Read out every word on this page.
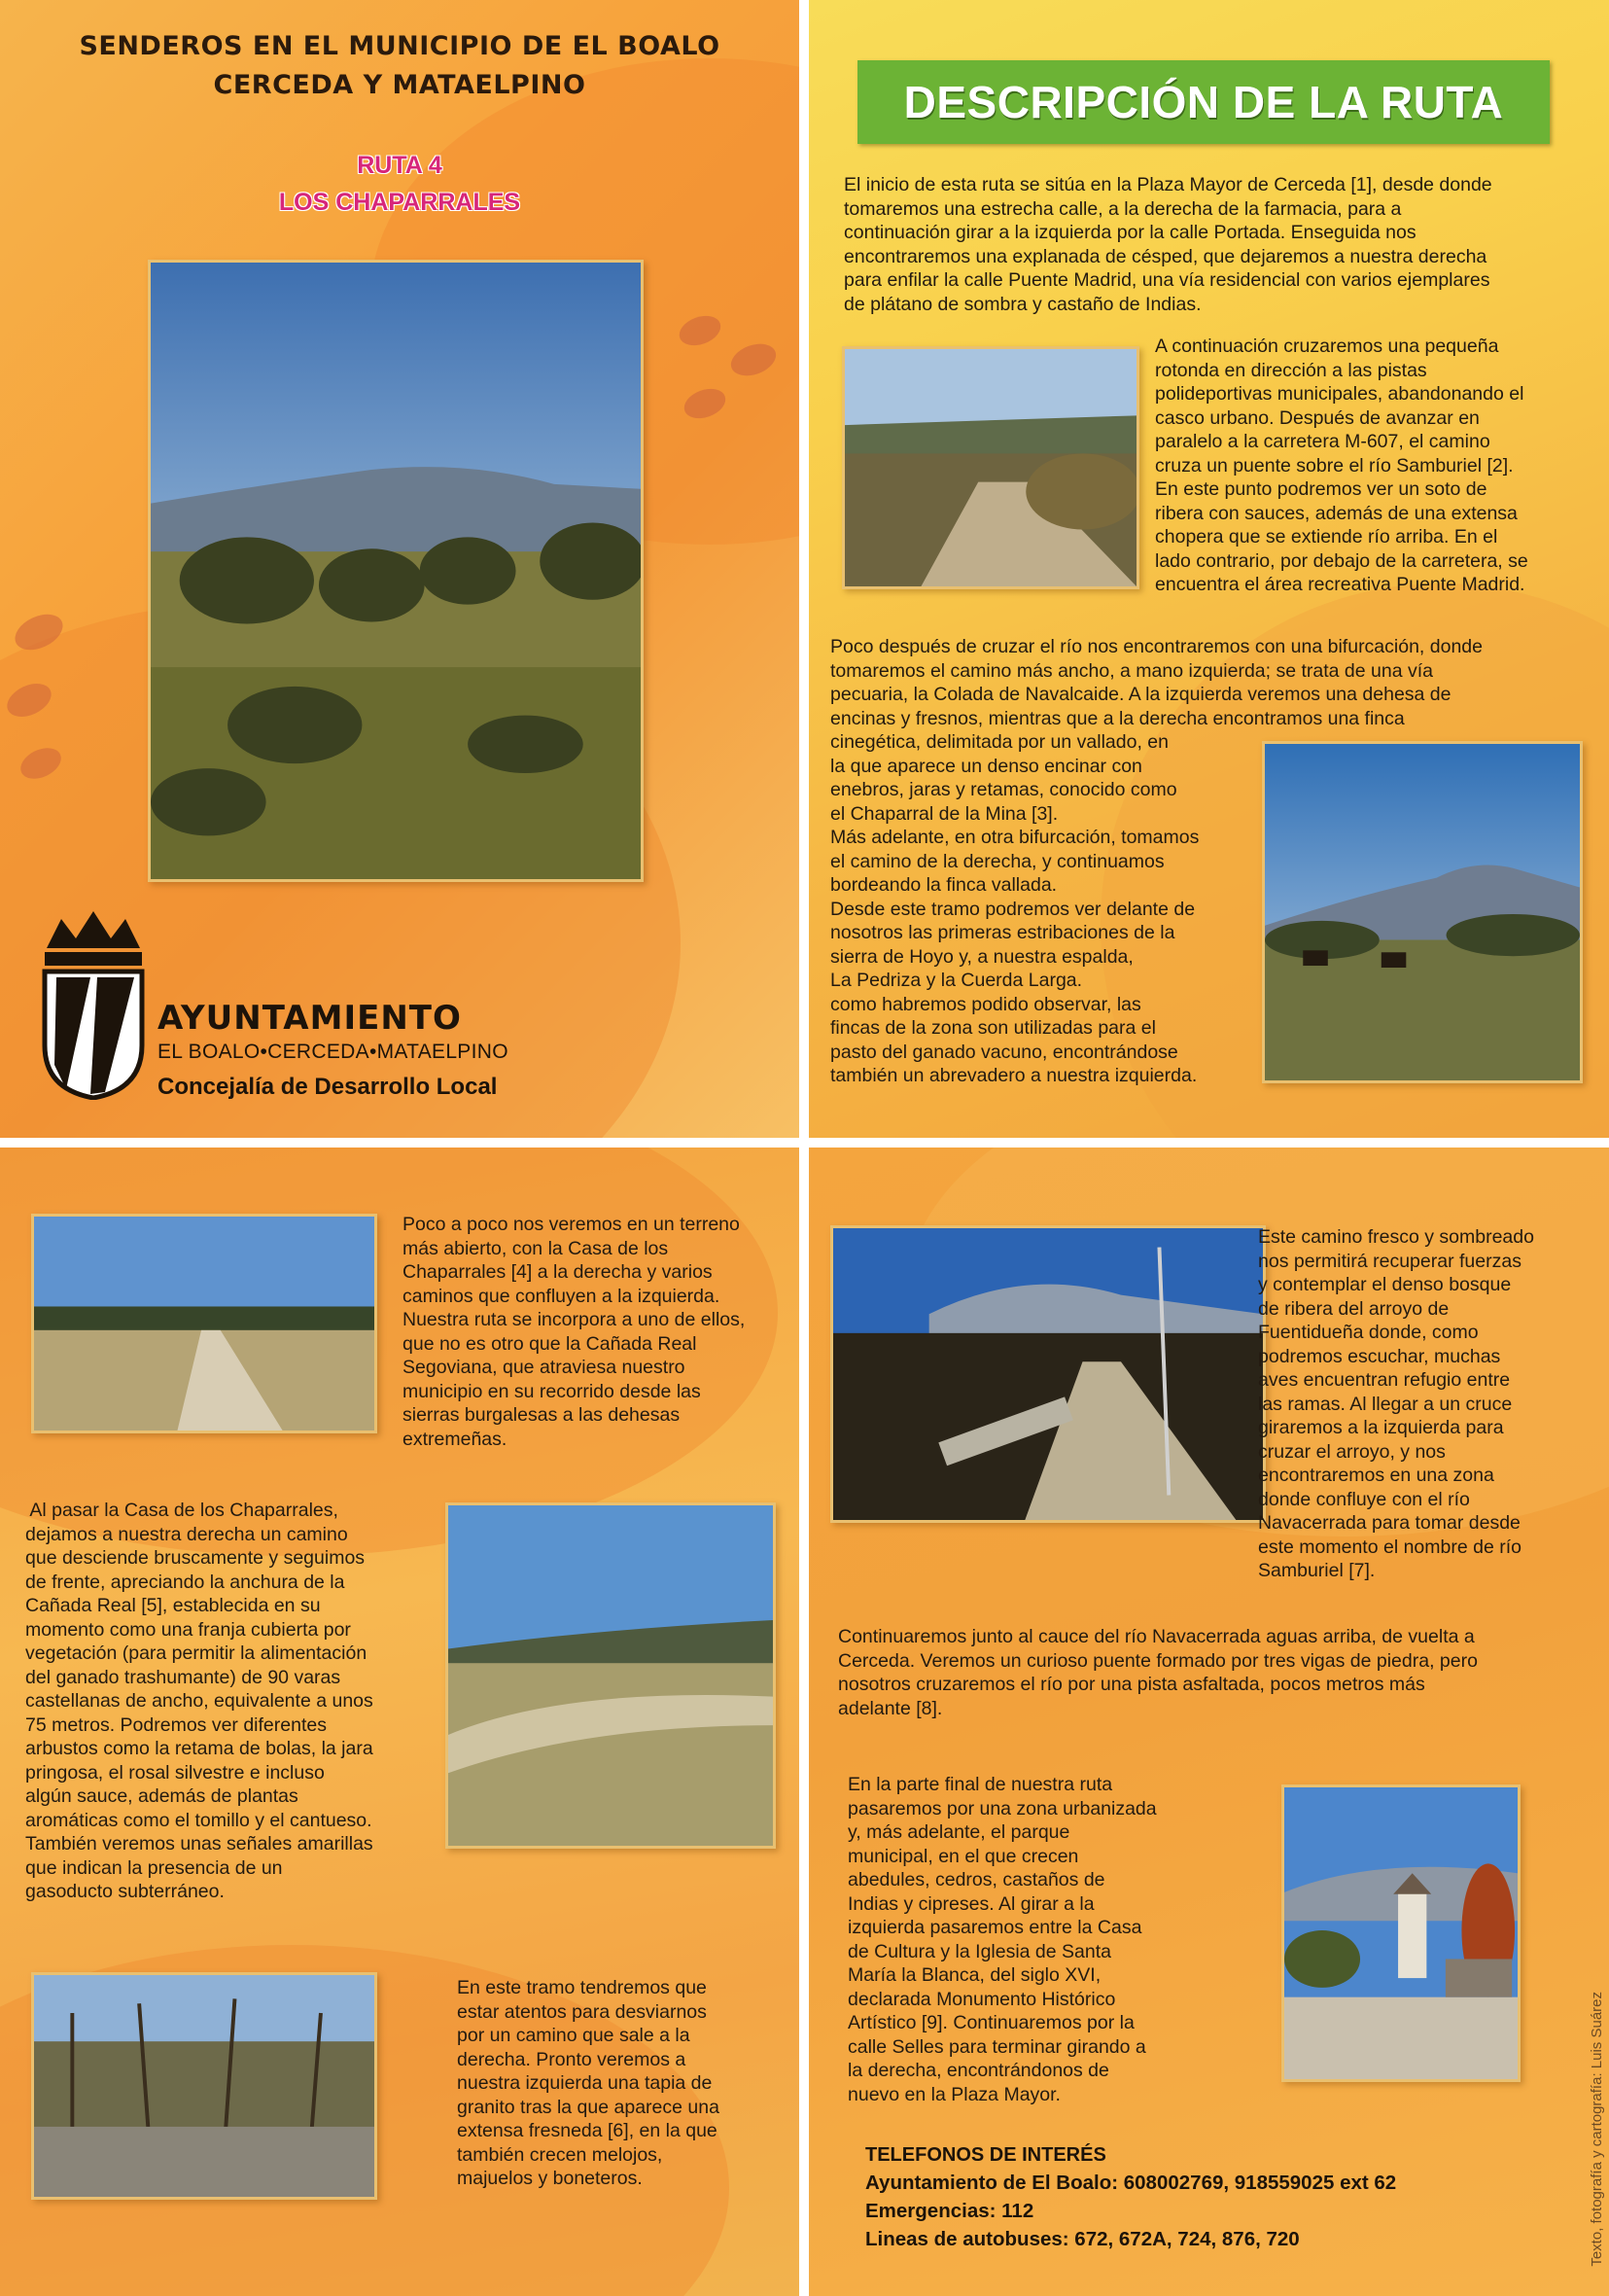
SENDEROS EN EL MUNICIPIO DE EL BOALO
CERCEDA Y MATAELPINO
RUTA 4
LOS CHAPARRALES
AYUNTAMIENTO
EL BOALO•CERCEDA•MATAELPINO
Concejalía de Desarrollo Local
DESCRIPCIÓN DE LA RUTA
El inicio de esta ruta se sitúa en la Plaza Mayor de Cerceda [1], desde donde
tomaremos una estrecha calle, a la derecha de la farmacia, para a
continuación girar a la izquierda por la calle Portada. Enseguida nos
encontraremos una explanada de césped, que dejaremos a nuestra derecha
para enfilar la calle Puente Madrid, una vía residencial con varios ejemplares
de plátano de sombra y castaño de Indias.
A continuación cruzaremos una pequeña
rotonda en dirección a las pistas
polideportivas municipales, abandonando el
casco urbano. Después de avanzar en
paralelo a la carretera M-607, el camino
cruza un puente sobre el río Samburiel [2].
En este punto podremos ver un soto de
ribera con sauces, además de una extensa
chopera que se extiende río arriba. En el
lado contrario, por debajo de la carretera, se
encuentra el área recreativa Puente Madrid.
Poco después de cruzar el río nos encontraremos con una bifurcación, donde
tomaremos el camino más ancho, a mano izquierda; se trata de una vía
pecuaria, la Colada de Navalcaide. A la izquierda veremos una dehesa de
encinas y fresnos, mientras que a la derecha encontramos una finca
cinegética, delimitada por un vallado, en
la que aparece un denso encinar con
enebros, jaras y retamas, conocido como
el Chaparral de la Mina [3].
Más adelante, en otra bifurcación, tomamos
el camino de la derecha, y continuamos
bordeando la finca vallada.
Desde este tramo podremos ver delante de
nosotros las primeras estribaciones de la
sierra de Hoyo y, a nuestra espalda,
La Pedriza y la Cuerda Larga.
como habremos podido observar, las
fincas de la zona son utilizadas para el
pasto del ganado vacuno, encontrándose
también un abrevadero a nuestra izquierda.
Poco a poco nos veremos en un terreno
más abierto, con la Casa de los
Chaparrales [4] a la derecha y varios
caminos que confluyen a la izquierda.
Nuestra ruta se incorpora a uno de ellos,
que no es otro que la Cañada Real
Segoviana, que atraviesa nuestro
municipio en su recorrido desde las
sierras burgalesas a las dehesas
extremeñas.
Al pasar la Casa de los Chaparrales,
dejamos a nuestra derecha un camino
que desciende bruscamente y seguimos
de frente, apreciando la anchura de la
Cañada Real [5], establecida en su
momento como una franja cubierta por
vegetación (para permitir la alimentación
del ganado trashumante) de 90 varas
castellanas de ancho, equivalente a unos
75 metros. Podremos ver diferentes
arbustos como la retama de bolas, la jara
pringosa, el rosal silvestre e incluso
algún sauce, además de plantas
aromáticas como el tomillo y el cantueso.
También veremos unas señales amarillas
que indican la presencia de un
gasoducto subterráneo.
En este tramo tendremos que
estar atentos para desviarnos
por un camino que sale a la
derecha. Pronto veremos a
nuestra izquierda una tapia de
granito tras la que aparece una
extensa fresneda [6], en la que
también crecen melojos,
majuelos y boneteros.
Este camino fresco y sombreado
nos permitirá recuperar fuerzas
y contemplar el denso bosque
de ribera del arroyo de
Fuentidueña donde, como
podremos escuchar, muchas
aves encuentran refugio entre
las ramas. Al llegar a un cruce
giraremos a la izquierda para
cruzar el arroyo, y nos
encontraremos en una zona
donde confluye con el río
Navacerrada para tomar desde
este momento el nombre de río
Samburiel [7].
Continuaremos junto al cauce del río Navacerrada aguas arriba, de vuelta a
Cerceda. Veremos un curioso puente formado por tres vigas de piedra, pero
nosotros cruzaremos el río por una pista asfaltada, pocos metros más
adelante [8].
En la parte final de nuestra ruta
pasaremos por una zona urbanizada
y, más adelante, el parque
municipal, en el que crecen
abedules, cedros, castaños de
Indias y cipreses. Al girar a la
izquierda pasaremos entre la Casa
de Cultura y la Iglesia de Santa
María la Blanca, del siglo XVI,
declarada Monumento Histórico
Artístico [9]. Continuaremos por la
calle Selles para terminar girando a
la derecha, encontrándonos de
nuevo en la Plaza Mayor.
TELEFONOS DE INTERÉS
Ayuntamiento de El Boalo: 608002769, 918559025 ext 62
Emergencias: 112
Lineas de autobuses: 672, 672A, 724, 876, 720	Texto, fotografía y cartografía: Luis Suárez
